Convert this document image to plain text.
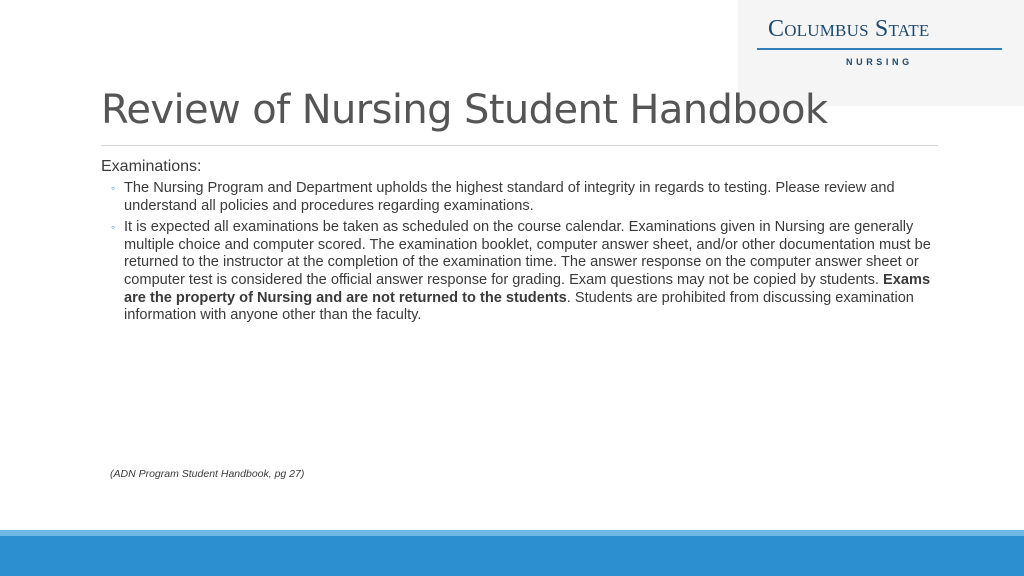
Columbus State
NURSING
Review of Nursing Student Handbook

Examinations:

◦ The Nursing Program and Department upholds the highest standard of integrity in regards to testing. Please review and understand all policies and procedures regarding examinations.
◦ It is expected all examinations be taken as scheduled on the course calendar. Examinations given in Nursing are generally multiple choice and computer scored. The examination booklet, computer answer sheet, and/or other documentation must be returned to the instructor at the completion of the examination time. The answer response on the computer answer sheet or computer test is considered the official answer response for grading. Exam questions may not be copied by students. Exams are the property of Nursing and are not returned to the students. Students are prohibited from discussing examination information with anyone other than the faculty.
(ADN Program Student Handbook, pg 27)
